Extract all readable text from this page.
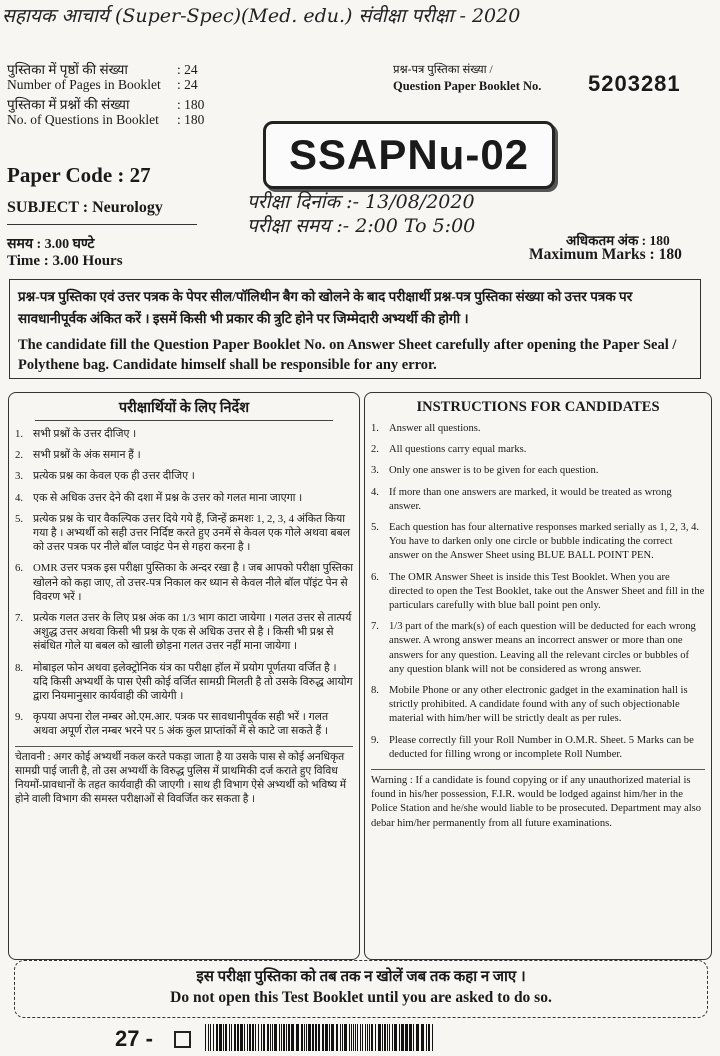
सहायक आचार्य (Super-Spec)(Med. edu.) संवीक्षा परीक्षा - 2020
पुस्तिका में पृष्ठों की संख्या	: 24
Number of Pages in Booklet	: 24
पुस्तिका में प्रश्नों की संख्या	: 180
No. of Questions in Booklet	: 180
Paper Code : 27
SUBJECT : Neurology
समय : 3.00 घण्टे
Time : 3.00 Hours
प्रश्न-पत्र पुस्तिका संख्या /
Question Paper Booklet No. 5203281
SSAPNu-02
परीक्षा दिनांक :- 13/08/2020
परीक्षा समय :- 2:00 To 5:00
अधिकतम अंक : 180
Maximum Marks : 180
प्रश्न-पत्र पुस्तिका एवं उत्तर पत्रक के पेपर सील/पॉलिथीन बैग को खोलने के बाद परीक्षार्थी प्रश्न-पत्र पुस्तिका संख्या को उत्तर पत्रक पर सावधानीपूर्वक अंकित करें । इसमें किसी भी प्रकार की त्रुटि होने पर जिम्मेदारी अभ्यर्थी की होगी ।
The candidate fill the Question Paper Booklet No. on Answer Sheet carefully after opening the Paper Seal / Polythene bag. Candidate himself shall be responsible for any error.
परीक्षार्थियों के लिए निर्देश
1. सभी प्रश्नों के उत्तर दीजिए ।
2. सभी प्रश्नों के अंक समान हैं ।
3. प्रत्येक प्रश्न का केवल एक ही उत्तर दीजिए ।
4. एक से अधिक उत्तर देने की दशा में प्रश्न के उत्तर को गलत माना जाएगा ।
5. प्रत्येक प्रश्न के चार वैकल्पिक उत्तर दिये गये हैं, जिन्हें क्रमशः 1, 2, 3, 4 अंकित किया गया है । अभ्यर्थी को सही उत्तर निर्दिष्ट करते हुए उनमें से केवल एक गोले अथवा बबल को उत्तर पत्रक पर नीले बॉल प्वाइंट पेन से गहरा करना है ।
6. OMR उत्तर पत्रक इस परीक्षा पुस्तिका के अन्दर रखा है । जब आपको परीक्षा पुस्तिका खोलने को कहा जाए, तो उत्तर-पत्र निकाल कर ध्यान से केवल नीले बॉल पॉइंट पेन से विवरण भरें ।
7. प्रत्येक गलत उत्तर के लिए प्रश्न अंक का 1/3 भाग काटा जायेगा । गलत उत्तर से तात्पर्य अशुद्ध उत्तर अथवा किसी भी प्रश्न के एक से अधिक उत्तर से है । किसी भी प्रश्न से संबंधित गोले या बबल को खाली छोड़ना गलत उत्तर नहीं माना जायेगा ।
8. मोबाइल फोन अथवा इलेक्ट्रोनिक यंत्र का परीक्षा हॉल में प्रयोग पूर्णतया वर्जित है । यदि किसी अभ्यर्थी के पास ऐसी कोई वर्जित सामग्री मिलती है तो उसके विरुद्ध आयोग द्वारा नियमानुसार कार्यवाही की जायेगी ।
9. कृपया अपना रोल नम्बर ओ.एम.आर. पत्रक पर सावधानीपूर्वक सही भरें । गलत अथवा अपूर्ण रोल नम्बर भरने पर 5 अंक कुल प्राप्तांकों में से काटे जा सकते हैं ।
चेतावनी : अगर कोई अभ्यर्थी नकल करते पकड़ा जाता है या उसके पास से कोई अनधिकृत सामग्री पाई जाती है, तो उस अभ्यर्थी के विरुद्ध पुलिस में प्राथमिकी दर्ज कराते हुए विविध नियमों-प्रावधानों के तहत कार्यवाही की जाएगी । साथ ही विभाग ऐसे अभ्यर्थी को भविष्य में होने वाली विभाग की समस्त परीक्षाओं से विवर्जित कर सकता है ।
INSTRUCTIONS FOR CANDIDATES
1. Answer all questions.
2. All questions carry equal marks.
3. Only one answer is to be given for each question.
4. If more than one answers are marked, it would be treated as wrong answer.
5. Each question has four alternative responses marked serially as 1, 2, 3, 4. You have to darken only one circle or bubble indicating the correct answer on the Answer Sheet using BLUE BALL POINT PEN.
6. The OMR Answer Sheet is inside this Test Booklet. When you are directed to open the Test Booklet, take out the Answer Sheet and fill in the particulars carefully with blue ball point pen only.
7. 1/3 part of the mark(s) of each question will be deducted for each wrong answer. A wrong answer means an incorrect answer or more than one answers for any question. Leaving all the relevant circles or bubbles of any question blank will not be considered as wrong answer.
8. Mobile Phone or any other electronic gadget in the examination hall is strictly prohibited. A candidate found with any of such objectionable material with him/her will be strictly dealt as per rules.
9. Please correctly fill your Roll Number in O.M.R. Sheet. 5 Marks can be deducted for filling wrong or incomplete Roll Number.
Warning : If a candidate is found copying or if any unauthorized material is found in his/her possession, F.I.R. would be lodged against him/her in the Police Station and he/she would liable to be prosecuted. Department may also debar him/her permanently from all future examinations.
इस परीक्षा पुस्तिका को तब तक न खोलें जब तक कहा न जाए ।
Do not open this Test Booklet until you are asked to do so.
27 -
